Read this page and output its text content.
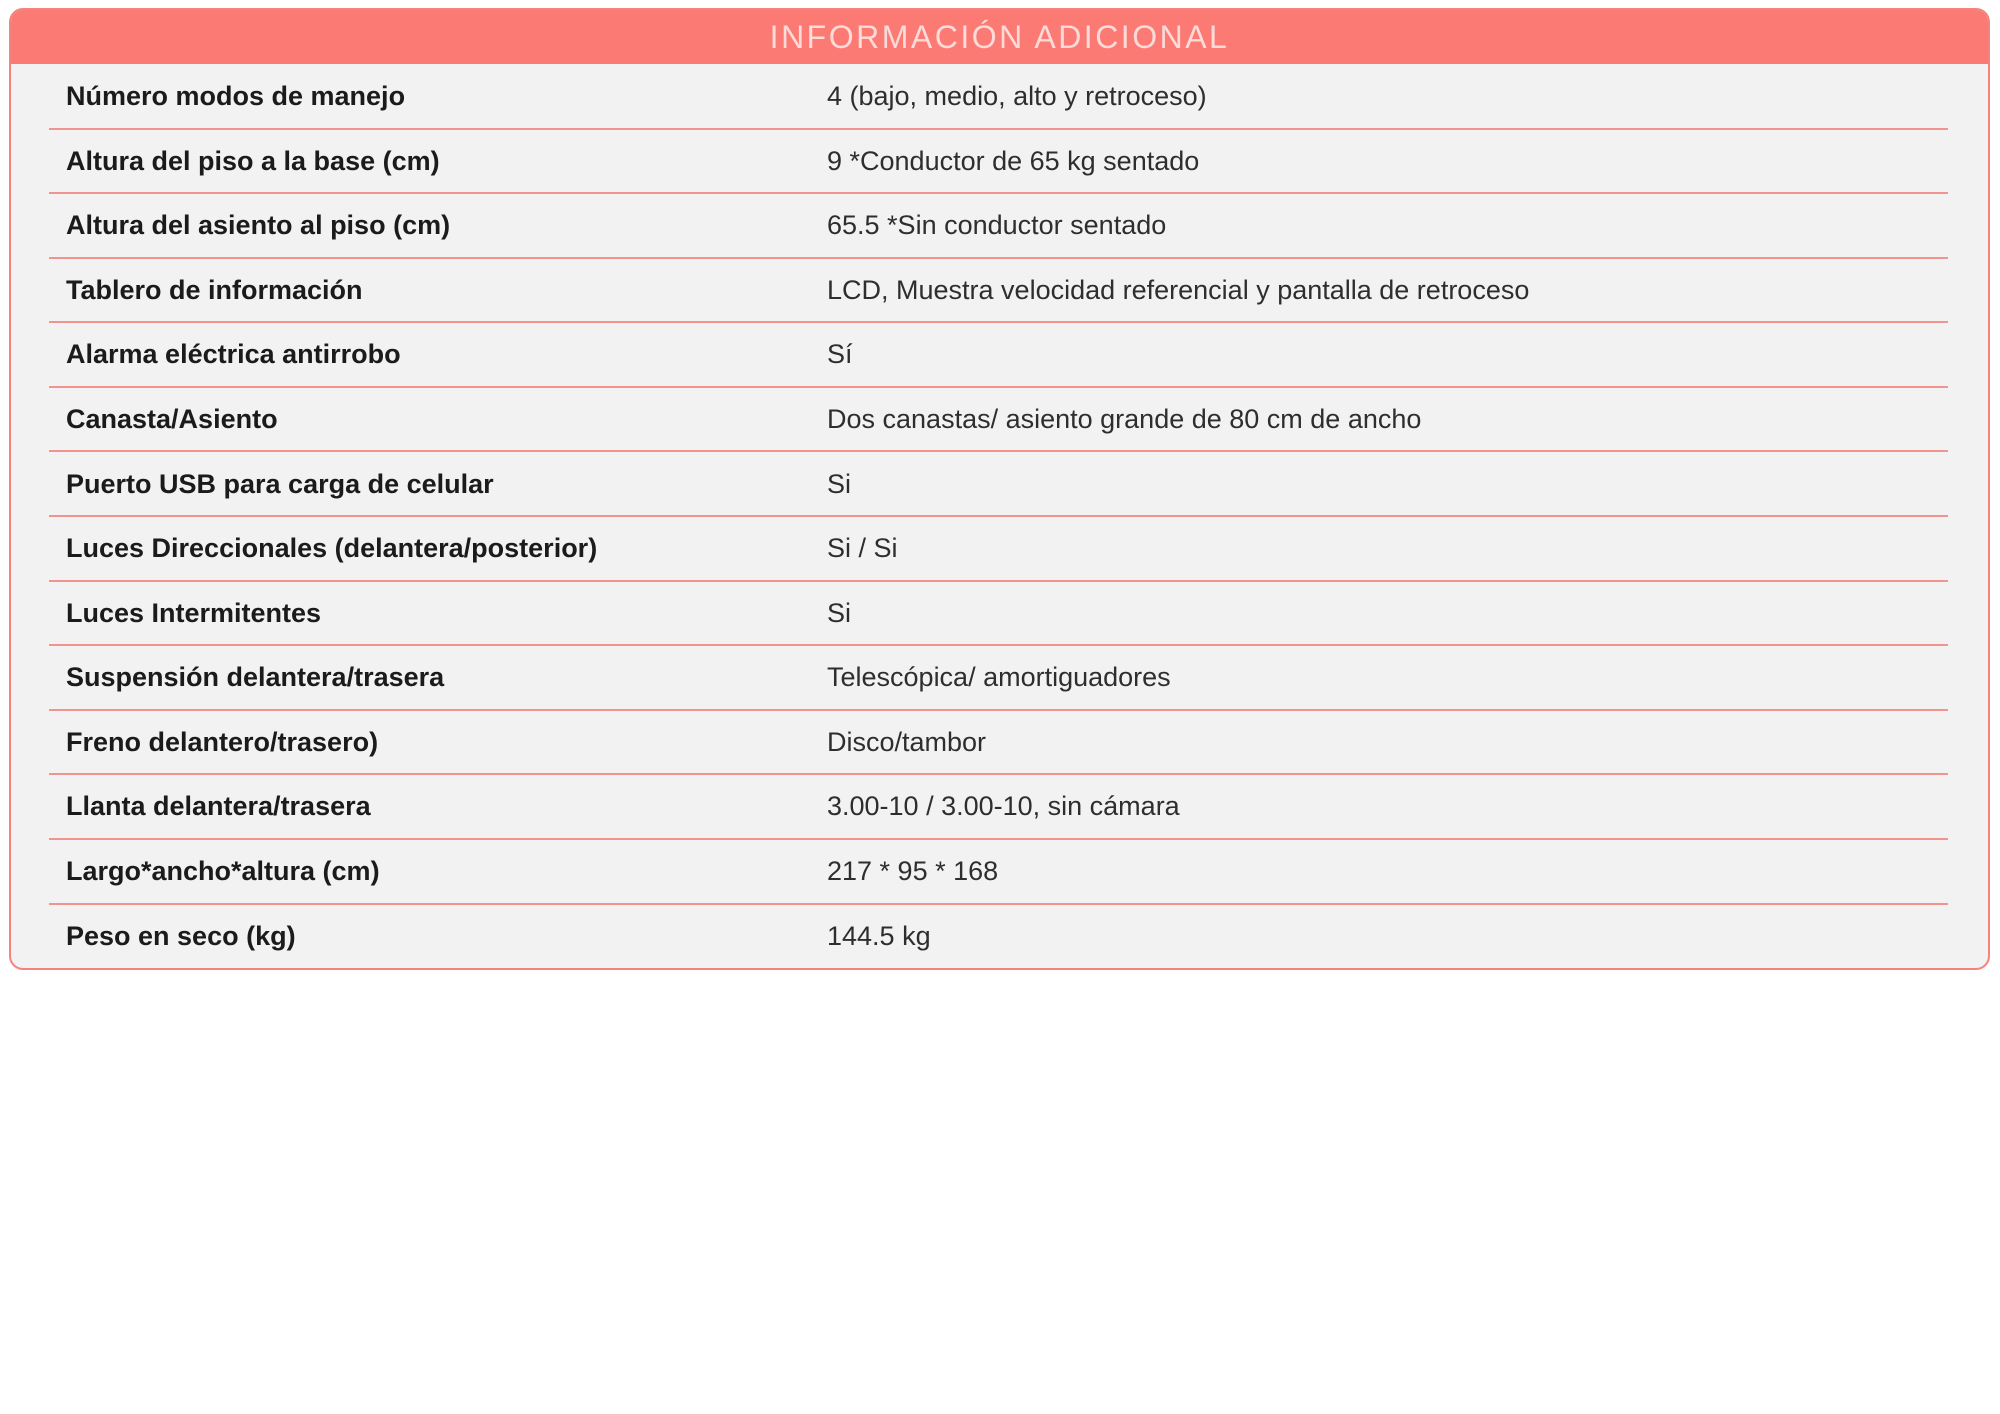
INFORMACIÓN ADICIONAL
Número modos de manejo	4 (bajo, medio, alto y retroceso)
Altura del piso a la base (cm)	9 *Conductor de 65 kg sentado
Altura del asiento al piso (cm)	65.5 *Sin conductor sentado
Tablero de información	LCD, Muestra velocidad referencial y pantalla de retroceso
Alarma eléctrica antirrobo	Sí
Canasta/Asiento	Dos canastas/ asiento grande de 80 cm de ancho
Puerto USB para carga de celular	Si
Luces Direccionales (delantera/posterior)	Si / Si
Luces Intermitentes	Si
Suspensión delantera/trasera	Telescópica/ amortiguadores
Freno delantero/trasero)	Disco/tambor
Llanta delantera/trasera	3.00-10 / 3.00-10, sin cámara
Largo*ancho*altura (cm)	217 * 95 * 168
Peso en seco (kg)	144.5 kg
